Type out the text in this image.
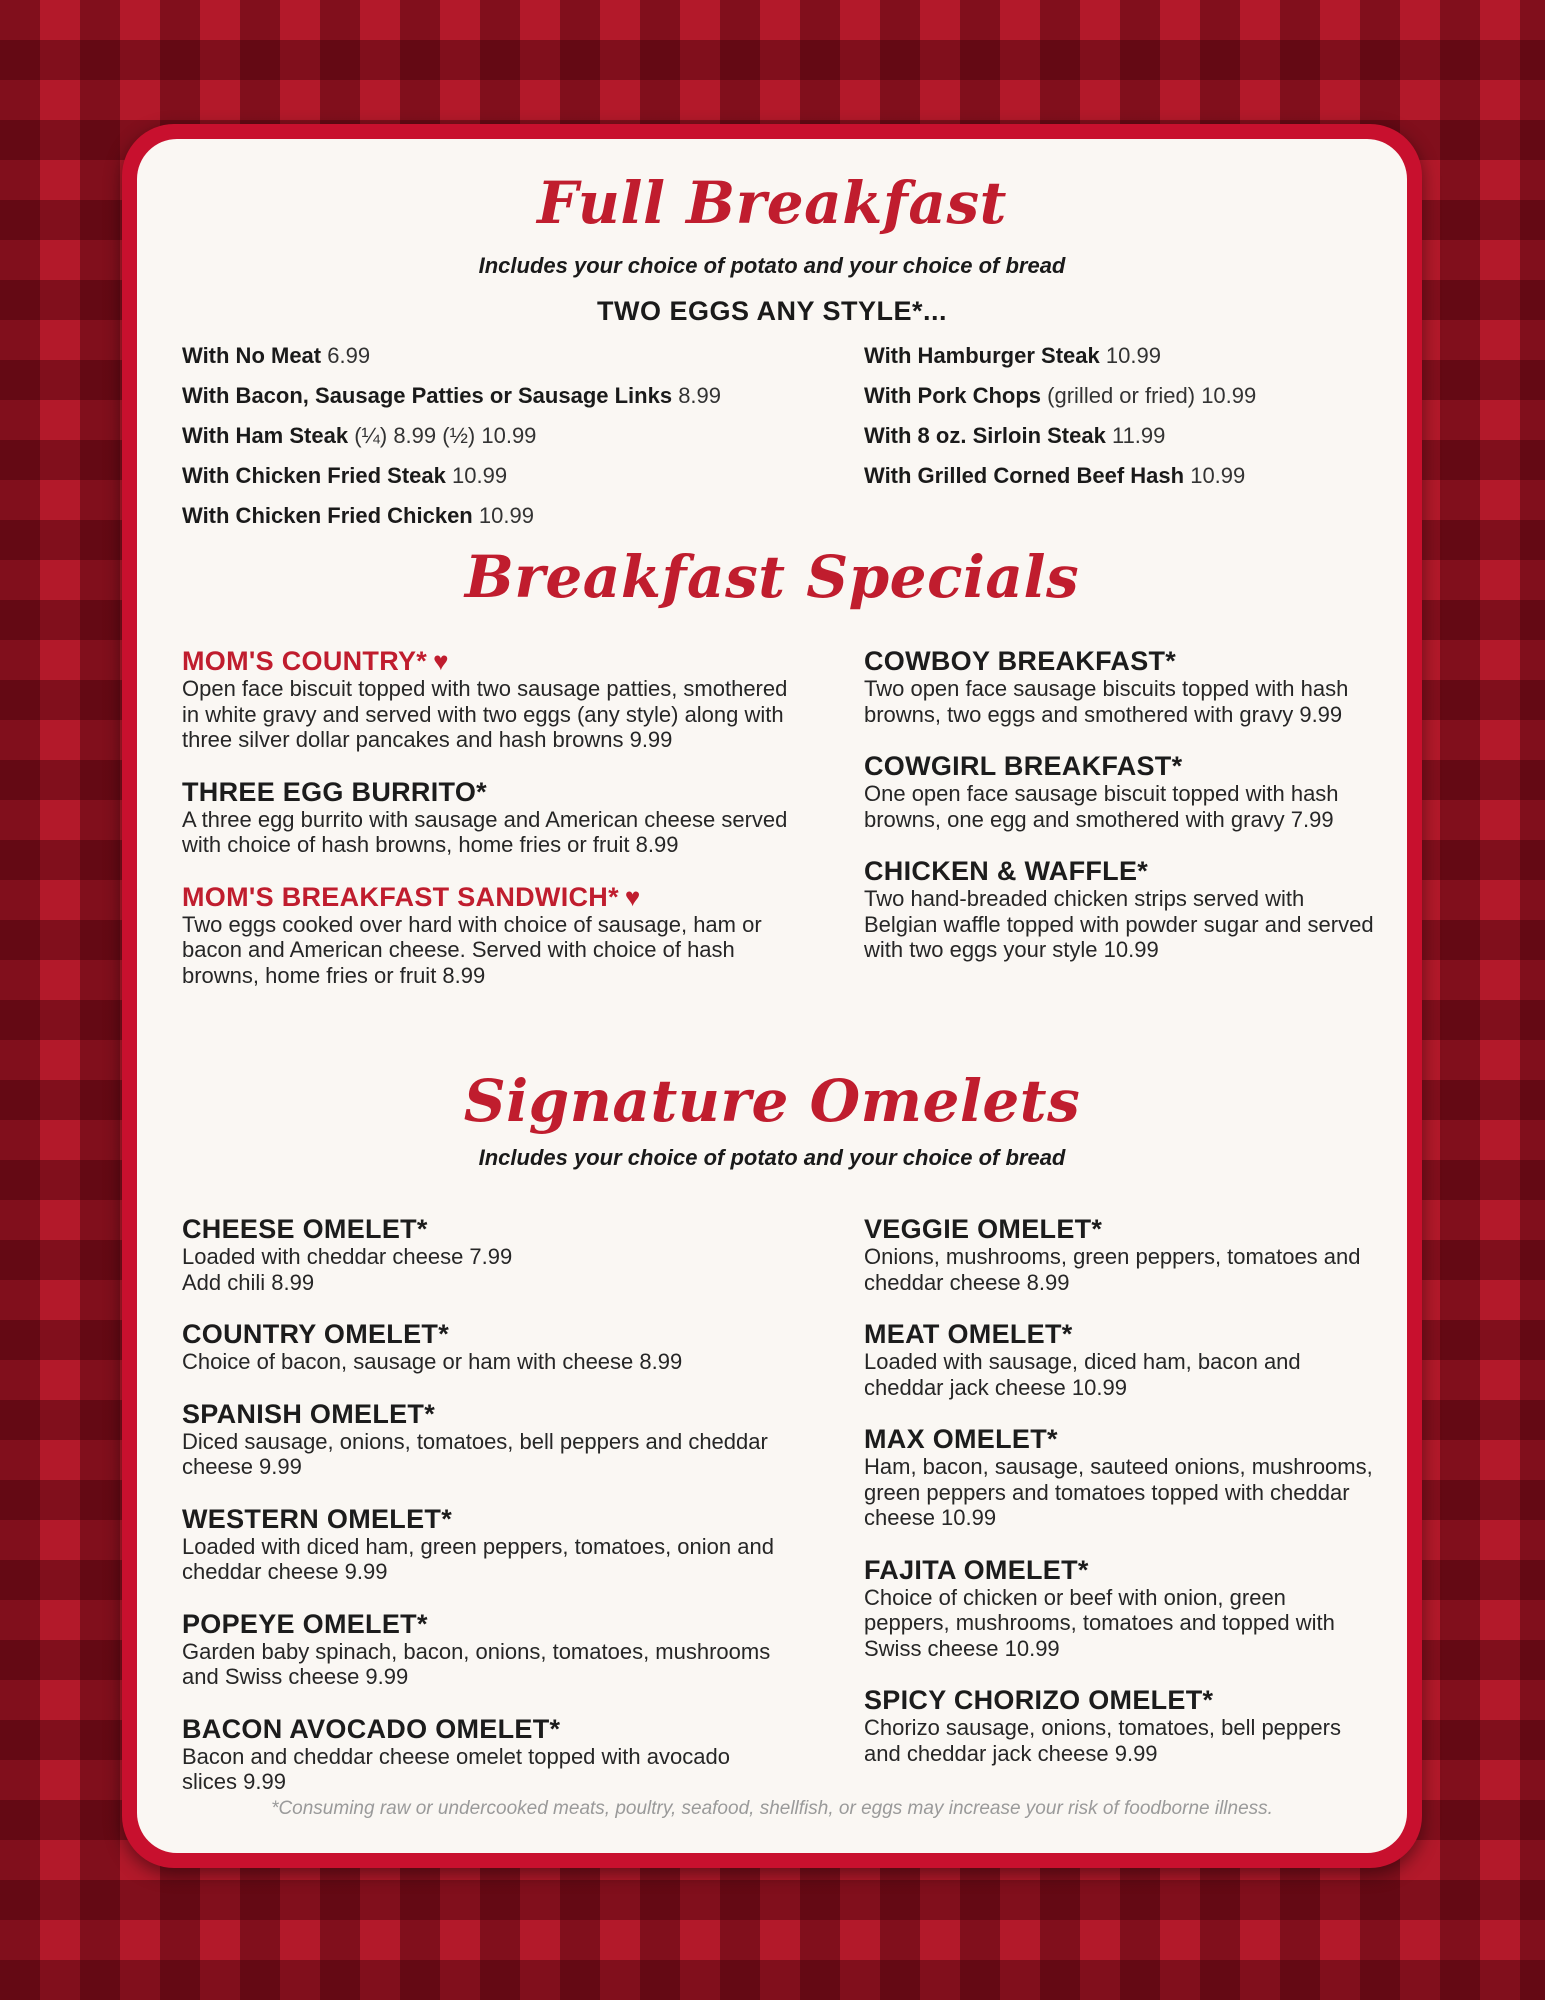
Full Breakfast
Includes your choice of potato and your choice of bread
TWO EGGS ANY STYLE*...
With No Meat 6.99
With Bacon, Sausage Patties or Sausage Links 8.99
With Ham Steak (¼) 8.99 (½) 10.99
With Chicken Fried Steak 10.99
With Chicken Fried Chicken 10.99
With Hamburger Steak 10.99
With Pork Chops (grilled or fried) 10.99
With 8 oz. Sirloin Steak 11.99
With Grilled Corned Beef Hash 10.99
Breakfast Specials
MOM'S COUNTRY* ♥
Open face biscuit topped with two sausage patties, smothered in white gravy and served with two eggs (any style) along with three silver dollar pancakes and hash browns 9.99
THREE EGG BURRITO*
A three egg burrito with sausage and American cheese served with choice of hash browns, home fries or fruit 8.99
MOM'S BREAKFAST SANDWICH* ♥
Two eggs cooked over hard with choice of sausage, ham or bacon and American cheese. Served with choice of hash browns, home fries or fruit 8.99
COWBOY BREAKFAST*
Two open face sausage biscuits topped with hash browns, two eggs and smothered with gravy 9.99
COWGIRL BREAKFAST*
One open face sausage biscuit topped with hash browns, one egg and smothered with gravy 7.99
CHICKEN & WAFFLE*
Two hand-breaded chicken strips served with Belgian waffle topped with powder sugar and served with two eggs your style 10.99
Signature Omelets
Includes your choice of potato and your choice of bread
CHEESE OMELET*
Loaded with cheddar cheese 7.99
Add chili 8.99
COUNTRY OMELET*
Choice of bacon, sausage or ham with cheese 8.99
SPANISH OMELET*
Diced sausage, onions, tomatoes, bell peppers and cheddar cheese 9.99
WESTERN OMELET*
Loaded with diced ham, green peppers, tomatoes, onion and cheddar cheese 9.99
POPEYE OMELET*
Garden baby spinach, bacon, onions, tomatoes, mushrooms and Swiss cheese 9.99
BACON AVOCADO OMELET*
Bacon and cheddar cheese omelet topped with avocado slices 9.99
VEGGIE OMELET*
Onions, mushrooms, green peppers, tomatoes and cheddar cheese 8.99
MEAT OMELET*
Loaded with sausage, diced ham, bacon and cheddar jack cheese 10.99
MAX OMELET*
Ham, bacon, sausage, sauteed onions, mushrooms, green peppers and tomatoes topped with cheddar cheese 10.99
FAJITA OMELET*
Choice of chicken or beef with onion, green peppers, mushrooms, tomatoes and topped with Swiss cheese 10.99
SPICY CHORIZO OMELET*
Chorizo sausage, onions, tomatoes, bell peppers and cheddar jack cheese 9.99
*Consuming raw or undercooked meats, poultry, seafood, shellfish, or eggs may increase your risk of foodborne illness.
